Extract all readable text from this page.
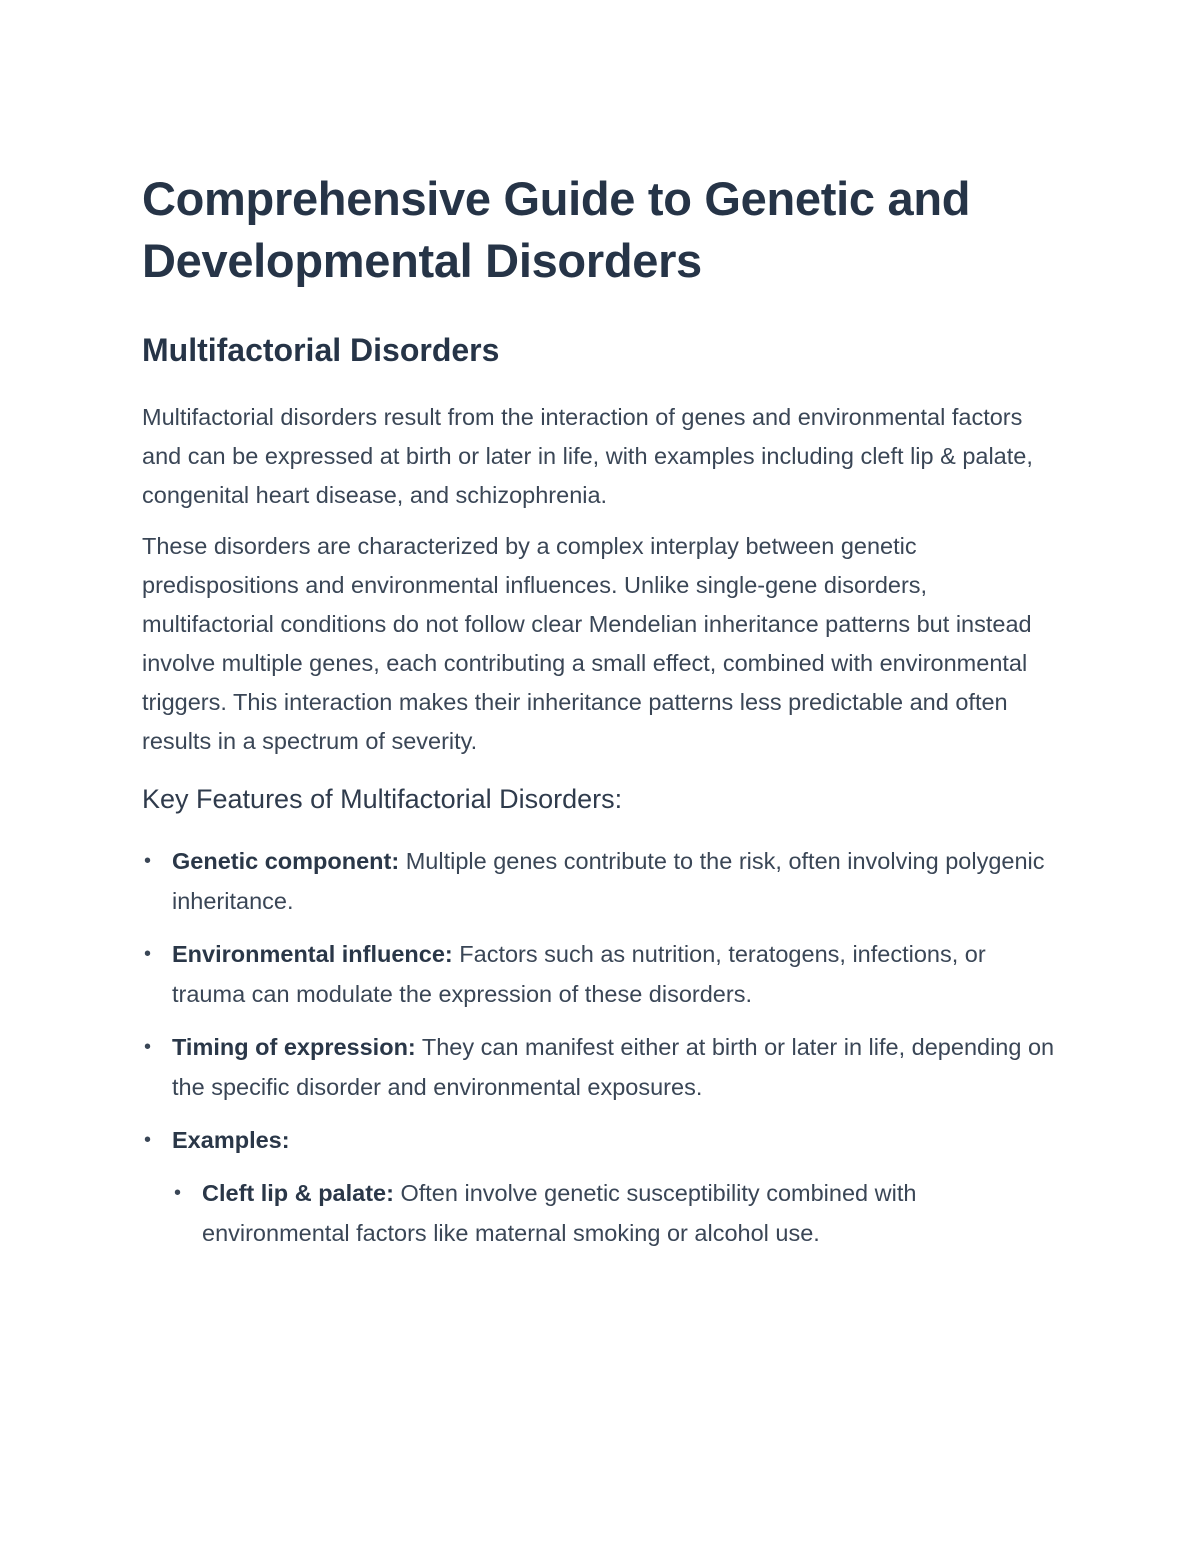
Comprehensive Guide to Genetic and Developmental Disorders
Multifactorial Disorders

Multifactorial disorders result from the interaction of genes and environmental factors and can be expressed at birth or later in life, with examples including cleft lip & palate, congenital heart disease, and schizophrenia.

These disorders are characterized by a complex interplay between genetic predispositions and environmental influences. Unlike single-gene disorders, multifactorial conditions do not follow clear Mendelian inheritance patterns but instead involve multiple genes, each contributing a small effect, combined with environmental triggers. This interaction makes their inheritance patterns less predictable and often results in a spectrum of severity.

Key Features of Multifactorial Disorders:
• Genetic component: Multiple genes contribute to the risk, often involving polygenic inheritance.
• Environmental influence: Factors such as nutrition, teratogens, infections, or trauma can modulate the expression of these disorders.
• Timing of expression: They can manifest either at birth or later in life, depending on the specific disorder and environmental exposures.
• Examples:
• Cleft lip & palate: Often involve genetic susceptibility combined with environmental factors like maternal smoking or alcohol use.
